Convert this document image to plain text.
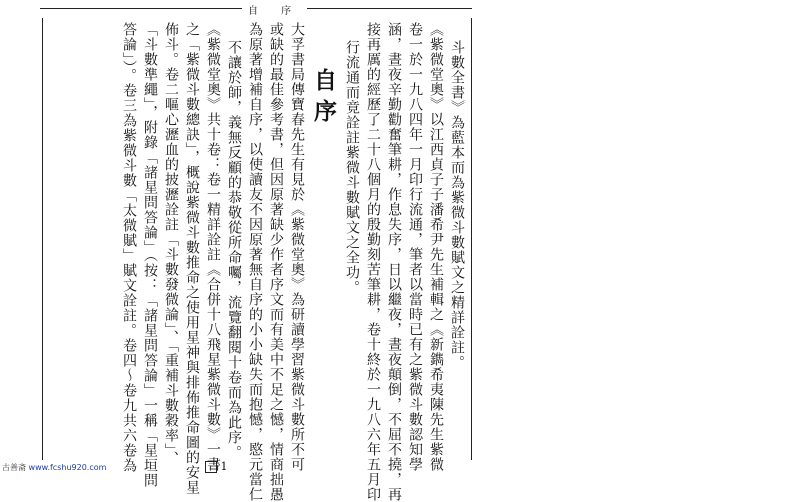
自 序
自序	斗數全書》為藍本而為紫微斗數賦文之精詳詮註。
《紫微堂奧》以江西貞子子潘希尹先生補輯之《新鐫希夷陳先生紫微
卷一於一九八四年一月印行流通，筆者以當時已有之紫微斗數認知學
涵，晝夜辛勤勸奮筆耕，作息失序，日以繼夜，晝夜顛倒，不屈不撓，再
接再厲的經歷了二十八個月的殷勤刻苦筆耕，卷十終於一九八六年五月印
行流通而竟詮註紫微斗數賦文之全功。
大孚書局傳寶春先生有見於《紫微堂奧》為研讀學習紫微斗數所不可
或缺的最佳參考書，但因原著缺少作者序文而有美中不足之憾，情商拙愚
為原著增補自序，以使讀友不因原著無自序的小小缺失而抱憾，愍元當仁
不讓於師，義無反顧的恭敬從所命囑，流覽翻閱十卷而為此序。
《紫微堂奧》共十卷：卷一精詳詮註《合併十八飛星紫微斗數》一書
之「紫微斗數總訣」，概說紫微斗數推命之使用星神與排佈推命圖的安星
佈斗。卷二嘔心瀝血的披瀝詮註「斗數發微論」、「重補斗數穀率」、
「斗數準繩」，附錄「諸星問答論」（按：「諸星問答論」一稱「星垣問
答論」）。卷三為紫微斗數「太微賦」賦文詮註。卷四～卷九共六卷為	1
古善斋 www.fcshu920.com
